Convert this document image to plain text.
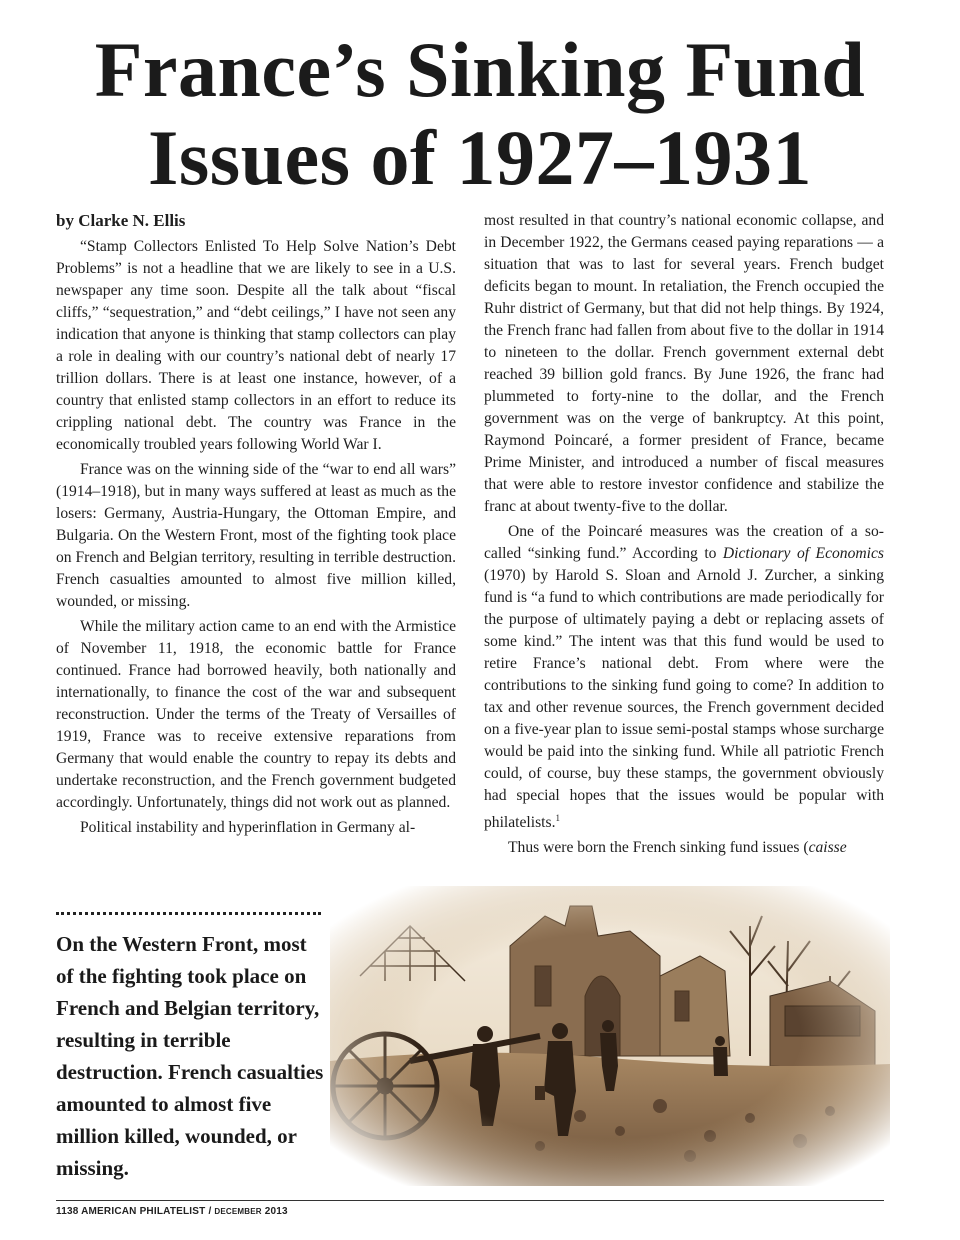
France’s Sinking Fund
Issues of 1927–1931

by Clarke N. Ellis

“Stamp Collectors Enlisted To Help Solve Nation’s Debt Problems” is not a headline that we are likely to see in a U.S. newspaper any time soon. Despite all the talk about “fiscal cliffs,” “sequestration,” and “debt ceilings,” I have not seen any indication that anyone is thinking that stamp collectors can play a role in dealing with our country’s national debt of nearly 17 trillion dollars. There is at least one instance, however, of a country that enlisted stamp collectors in an effort to reduce its crippling national debt. The country was France in the economically troubled years following World War I.

France was on the winning side of the “war to end all wars” (1914–1918), but in many ways suffered at least as much as the losers: Germany, Austria-Hungary, the Ottoman Empire, and Bulgaria. On the Western Front, most of the fighting took place on French and Belgian territory, resulting in terrible destruction. French casualties amounted to almost five million killed, wounded, or missing.

While the military action came to an end with the Armistice of November 11, 1918, the economic battle for France continued. France had borrowed heavily, both nationally and internationally, to finance the cost of the war and subsequent reconstruction. Under the terms of the Treaty of Versailles of 1919, France was to receive extensive reparations from Germany that would enable the country to repay its debts and undertake reconstruction, and the French government budgeted accordingly. Unfortunately, things did not work out as planned.

Political instability and hyperinflation in Germany al-

most resulted in that country’s national economic collapse, and in December 1922, the Germans ceased paying reparations — a situation that was to last for several years. French budget deficits began to mount. In retaliation, the French occupied the Ruhr district of Germany, but that did not help things. By 1924, the French franc had fallen from about five to the dollar in 1914 to nineteen to the dollar. French government external debt reached 39 billion gold francs. By June 1926, the franc had plummeted to forty-nine to the dollar, and the French government was on the verge of bankruptcy. At this point, Raymond Poincaré, a former president of France, became Prime Minister, and introduced a number of fiscal measures that were able to restore investor confidence and stabilize the franc at about twenty-five to the dollar.

One of the Poincaré measures was the creation of a so-called “sinking fund.” According to Dictionary of Economics (1970) by Harold S. Sloan and Arnold J. Zurcher, a sinking fund is “a fund to which contributions are made periodically for the purpose of ultimately paying a debt or replacing assets of some kind.” The intent was that this fund would be used to retire France’s national debt. From where were the contributions to the sinking fund going to come? In addition to tax and other revenue sources, the French government decided on a five-year plan to issue semi-postal stamps whose surcharge would be paid into the sinking fund. While all patriotic French could, of course, buy these stamps, the government obviously had special hopes that the issues would be popular with philatelists.$^1$

Thus were born the French sinking fund issues (caisse

On the Western Front, most of the fighting took place on French and Belgian territory, resulting in terrible destruction. French casualties amounted to almost five million killed, wounded, or missing.

1138 AMERICAN PHILATELIST / DECEMBER 2013
